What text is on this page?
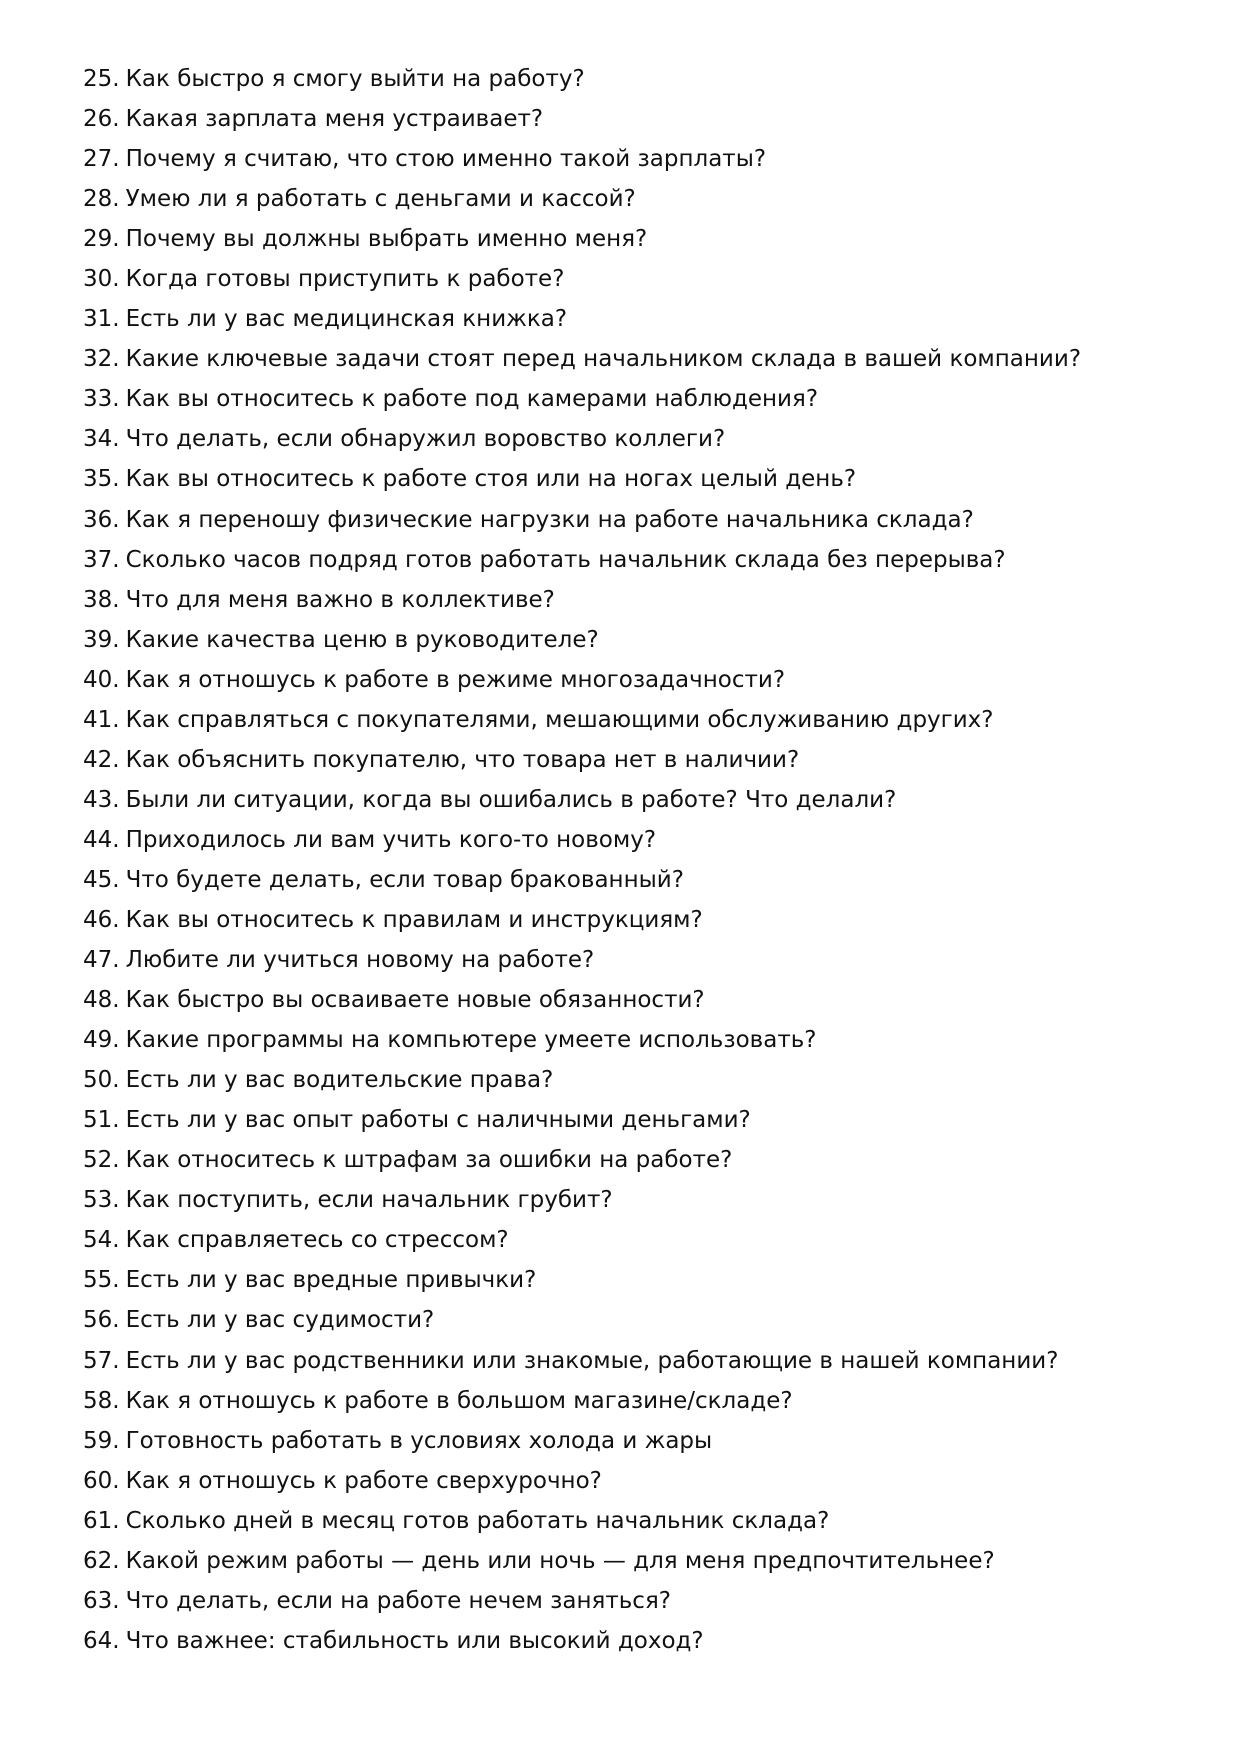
25. Как быстро я смогу выйти на работу?
26. Какая зарплата меня устраивает?
27. Почему я считаю, что стою именно такой зарплаты?
28. Умею ли я работать с деньгами и кассой?
29. Почему вы должны выбрать именно меня?
30. Когда готовы приступить к работе?
31. Есть ли у вас медицинская книжка?
32. Какие ключевые задачи стоят перед начальником склада в вашей компании?
33. Как вы относитесь к работе под камерами наблюдения?
34. Что делать, если обнаружил воровство коллеги?
35. Как вы относитесь к работе стоя или на ногах целый день?
36. Как я переношу физические нагрузки на работе начальника склада?
37. Сколько часов подряд готов работать начальник склада без перерыва?
38. Что для меня важно в коллективе?
39. Какие качества ценю в руководителе?
40. Как я отношусь к работе в режиме многозадачности?
41. Как справляться с покупателями, мешающими обслуживанию других?
42. Как объяснить покупателю, что товара нет в наличии?
43. Были ли ситуации, когда вы ошибались в работе? Что делали?
44. Приходилось ли вам учить кого-то новому?
45. Что будете делать, если товар бракованный?
46. Как вы относитесь к правилам и инструкциям?
47. Любите ли учиться новому на работе?
48. Как быстро вы осваиваете новые обязанности?
49. Какие программы на компьютере умеете использовать?
50. Есть ли у вас водительские права?
51. Есть ли у вас опыт работы с наличными деньгами?
52. Как относитесь к штрафам за ошибки на работе?
53. Как поступить, если начальник грубит?
54. Как справляетесь со стрессом?
55. Есть ли у вас вредные привычки?
56. Есть ли у вас судимости?
57. Есть ли у вас родственники или знакомые, работающие в нашей компании?
58. Как я отношусь к работе в большом магазине/складе?
59. Готовность работать в условиях холода и жары
60. Как я отношусь к работе сверхурочно?
61. Сколько дней в месяц готов работать начальник склада?
62. Какой режим работы — день или ночь — для меня предпочтительнее?
63. Что делать, если на работе нечем заняться?
64. Что важнее: стабильность или высокий доход?
